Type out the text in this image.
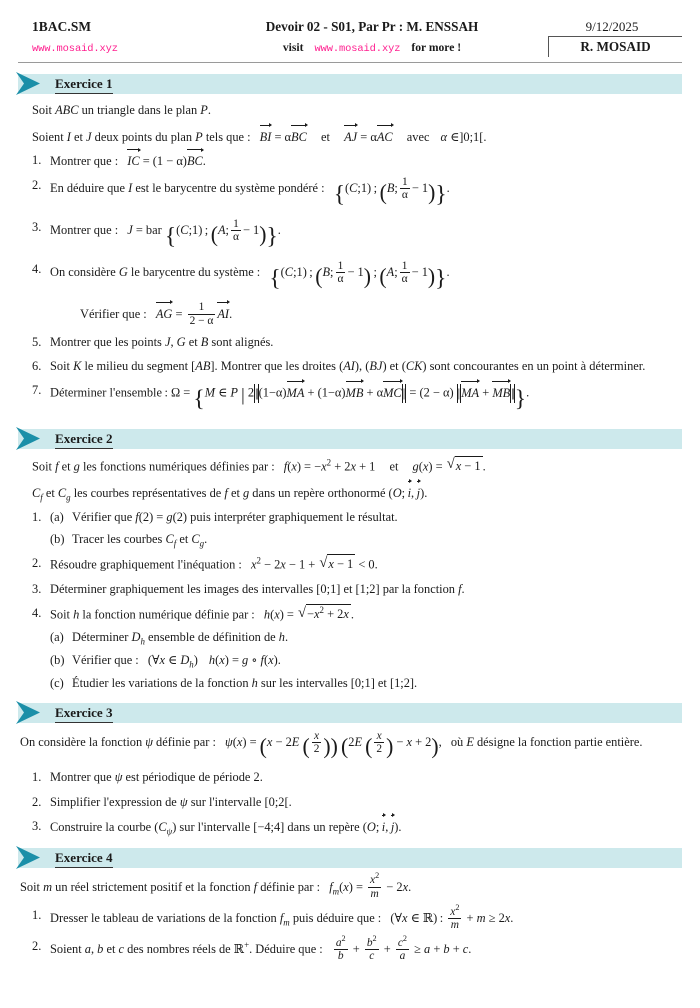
1BAC.SM	Devoir 02 - S01, Par Pr : M. ENSSAH	9/12/2025
www.mosaid.xyz	visit www.mosaid.xyz for more !	R. MOSAID
Exercice 1
Soit ABC un triangle dans le plan P.
Soient I et J deux points du plan P tels que : BI = αBC et AJ = αAC avec α ∈]0;1[.
Montrer que : IC = (1 − α)BC.
En déduire que I est le barycentre du système pondéré : {(C;1) ; (B; $\frac{1}{\alpha} - 1$)}.
Montrer que : J = bar {(C;1) ; (A; $\frac{1}{\alpha} - 1$)}.
On considère G le barycentre du système : {(C;1) ; (B; $\frac{1}{\alpha} - 1$) ; (A; $\frac{1}{\alpha} - 1$)}.
Vérifier que : AG = $\frac{1}{2 - \alpha}$ AI.
Montrer que les points J, G et B sont alignés.
Soit K le milieu du segment [AB]. Montrer que les droites (AI), (BJ) et (CK) sont concourantes en un point à déterminer.
Déterminer l'ensemble : Ω = {M ∈ P | 2||(1−α)MA + (1−α)MB + αMC|| = (2 − α) ||MA + MB||}.
Exercice 2
Soit f et g les fonctions numériques définies par : $f(x) = -x^2 + 2x + 1$ et g(x) = √ x − 1 .
$C_f$ et $C_g$ les courbes représentatives de f et g dans un repère orthonormé (O; i, j).
Vérifier que f(2) = g(2) puis interpréter graphiquement le résultat.
Tracer les courbes $C_f$ et $C_g$.
Résoudre graphiquement l'inéquation : $x^2 - 2x - 1$ + √ x − 1 < 0.
Déterminer graphiquement les images des intervalles [0;1] et [1;2] par la fonction f.
Soit h la fonction numérique définie par : h(x) = √ $-x^2 + 2x$ .
Déterminer $D_h$ ensemble de définition de h.
Vérifier que : (∀x ∈ $D_h$) h(x) = g ∘ f(x).
Étudier les variations de la fonction h sur les intervalles [0;1] et [1;2].
Exercice 3
On considère la fonction ψ définie par : ψ(x) = (x − 2E ( $\frac{x}{2}$ )) (2E ( $\frac{x}{2}$ ) − x + 2), où E désigne la fonction partie entière.
Montrer que ψ est périodique de période 2.
Simplifier l'expression de ψ sur l'intervalle [0;2[.
Construire la courbe $(C_\psi)$ sur l'intervalle [−4;4] dans un repère (O; i, j).
Exercice 4
Soit m un réel strictement positif et la fonction f définie par : $f_m(x) = \frac{x^2}{m} - 2x$.
Dresser le tableau de variations de la fonction $f_m$ puis déduire que : (∀x ∈ ℝ) : $\frac{x^2}{m} + m \ge 2x$.
Soient a, b et c des nombres réels de ℝ+. Déduire que : $\frac{a^2}{b} + \frac{b^2}{c} + \frac{c^2}{a} \ge a + b + c$.
